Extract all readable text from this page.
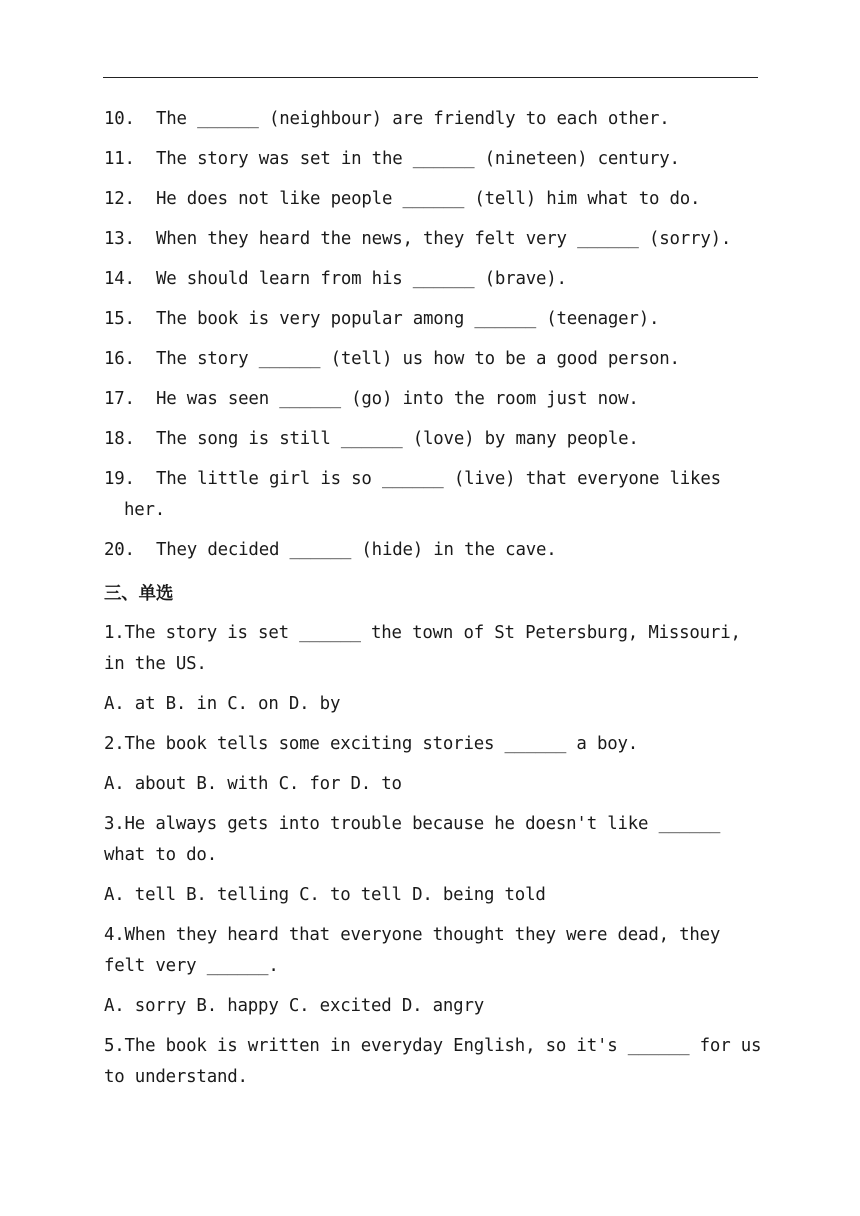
10.	The ______ (neighbour) are friendly to each other.
11.	The story was set in the ______ (nineteen) century.
12.	He does not like people ______ (tell) him what to do.
13.	When they heard the news, they felt very ______ (sorry).
14.	We should learn from his ______ (brave).
15.	The book is very popular among ______ (teenager).
16.	The story ______ (tell) us how to be a good person.
17.	He was seen ______ (go) into the room just now.
18.	The song is still ______ (love) by many people.
19.	The little girl is so ______ (live) that everyone likes
her.
20.	They decided ______ (hide) in the cave.
三、单选
1.The story is set ______ the town of St Petersburg, Missouri,
in the US.
A. at B. in C. on D. by
2.The book tells some exciting stories ______ a boy.
A. about B. with C. for D. to
3.He always gets into trouble because he doesn't like ______
what to do.
A. tell B. telling C. to tell D. being told
4.When they heard that everyone thought they were dead, they
felt very ______.
A. sorry B. happy C. excited D. angry
5.The book is written in everyday English, so it's ______ for us
to understand.
